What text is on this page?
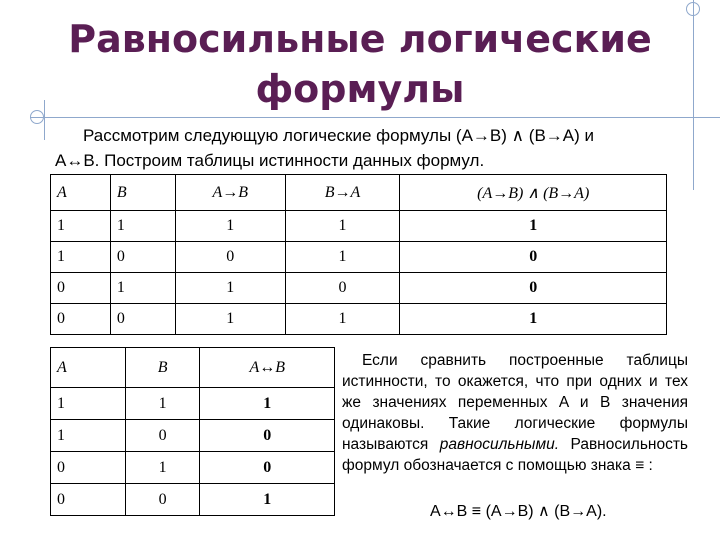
Равносильные логические формулы

Рассмотрим следующую логические формулы (A→B) ∧ (B→A) и
A↔B. Построим таблицы истинности данных формул.

A	B	A→B	B→A	(A→B) ∧ (B→A)
1	1	1	1	1
1	0	0	1	0
0	1	1	0	0
0	0	1	1	1
A	B	A↔B
1	1	1
1	0	0
0	1	0
0	0	1

Если сравнить построенные таблицы истинности, то окажется, что при одних и тех же значениях переменных A и B значения одинаковы. Такие логические формулы называются равносильными. Равносильность формул обозначается с помощью знака ≡ :

A↔B ≡ (A→B) ∧ (B→A).
